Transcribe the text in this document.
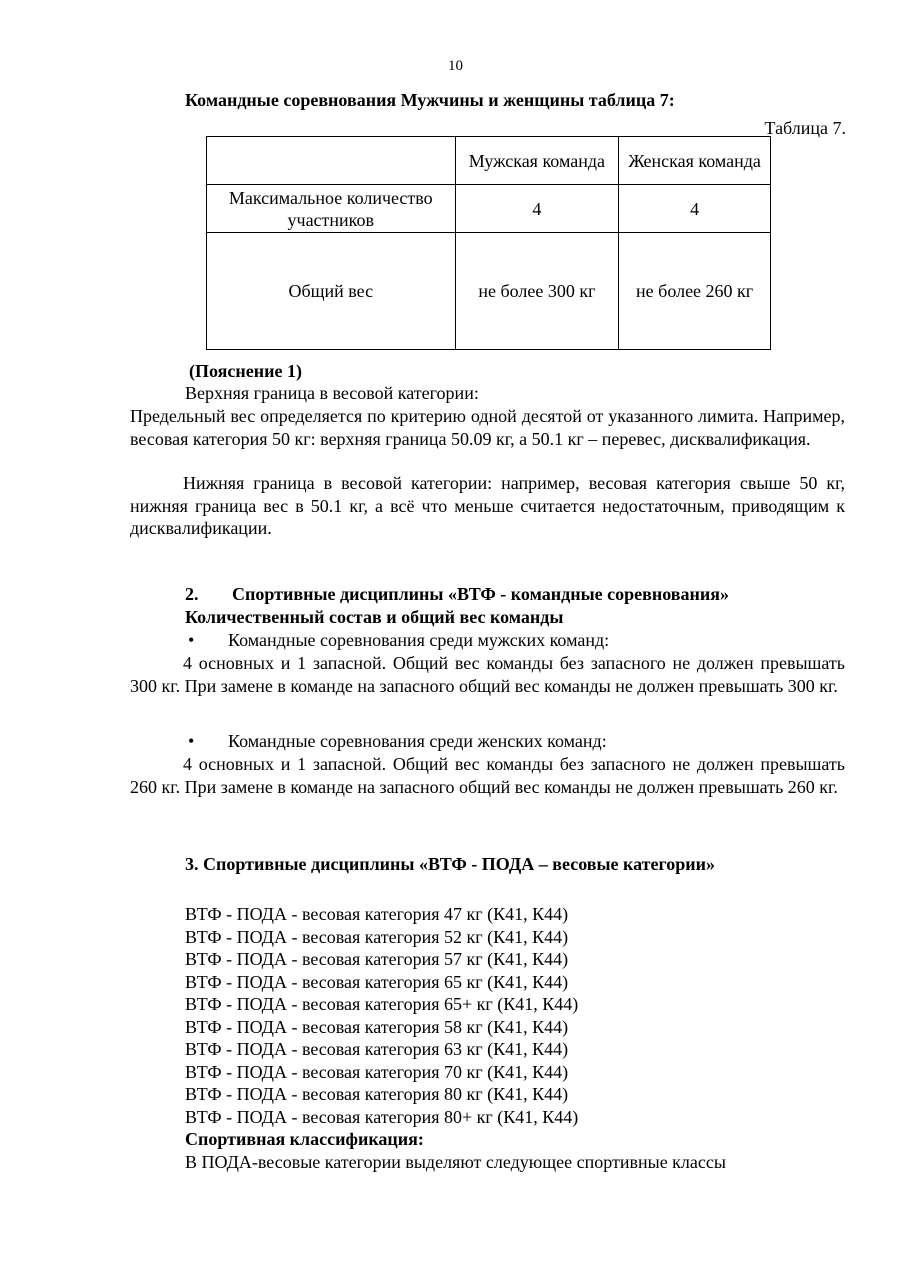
10
Командные соревнования Мужчины и женщины таблица 7:
Таблица 7.
	Мужская команда	Женская команда
Максимальное количество участников	4	4
Общий вес	не более 300 кг	не более 260 кг
(Пояснение 1)
Верхняя граница в весовой категории:
Предельный вес определяется по критерию одной десятой от указанного лимита. Например, весовая категория 50 кг: верхняя граница 50.09 кг, а 50.1 кг – перевес, дисквалификация.
Нижняя граница в весовой категории: например, весовая категория свыше 50 кг, нижняя граница вес в 50.1 кг, а всё что меньше считается недостаточным, приводящим к дисквалификации.
2. Спортивные дисциплины «ВТФ - командные соревнования»
Количественный состав и общий вес команды
• Командные соревнования среди мужских команд:
4 основных и 1 запасной. Общий вес команды без запасного не должен превышать 300 кг. При замене в команде на запасного общий вес команды не должен превышать 300 кг.
• Командные соревнования среди женских команд:
4 основных и 1 запасной. Общий вес команды без запасного не должен превышать 260 кг. При замене в команде на запасного общий вес команды не должен превышать 260 кг.
3. Спортивные дисциплины «ВТФ - ПОДА – весовые категории»
ВТФ - ПОДА - весовая категория 47 кг (К41, К44)
ВТФ - ПОДА - весовая категория 52 кг (К41, К44)
ВТФ - ПОДА - весовая категория 57 кг (К41, К44)
ВТФ - ПОДА - весовая категория 65 кг (К41, К44)
ВТФ - ПОДА - весовая категория 65+ кг (К41, К44)
ВТФ - ПОДА - весовая категория 58 кг (К41, К44)
ВТФ - ПОДА - весовая категория 63 кг (К41, К44)
ВТФ - ПОДА - весовая категория 70 кг (К41, К44)
ВТФ - ПОДА - весовая категория 80 кг (К41, К44)
ВТФ - ПОДА - весовая категория 80+ кг (К41, К44)
Спортивная классификация:
В ПОДА-весовые категории выделяют следующее спортивные классы
